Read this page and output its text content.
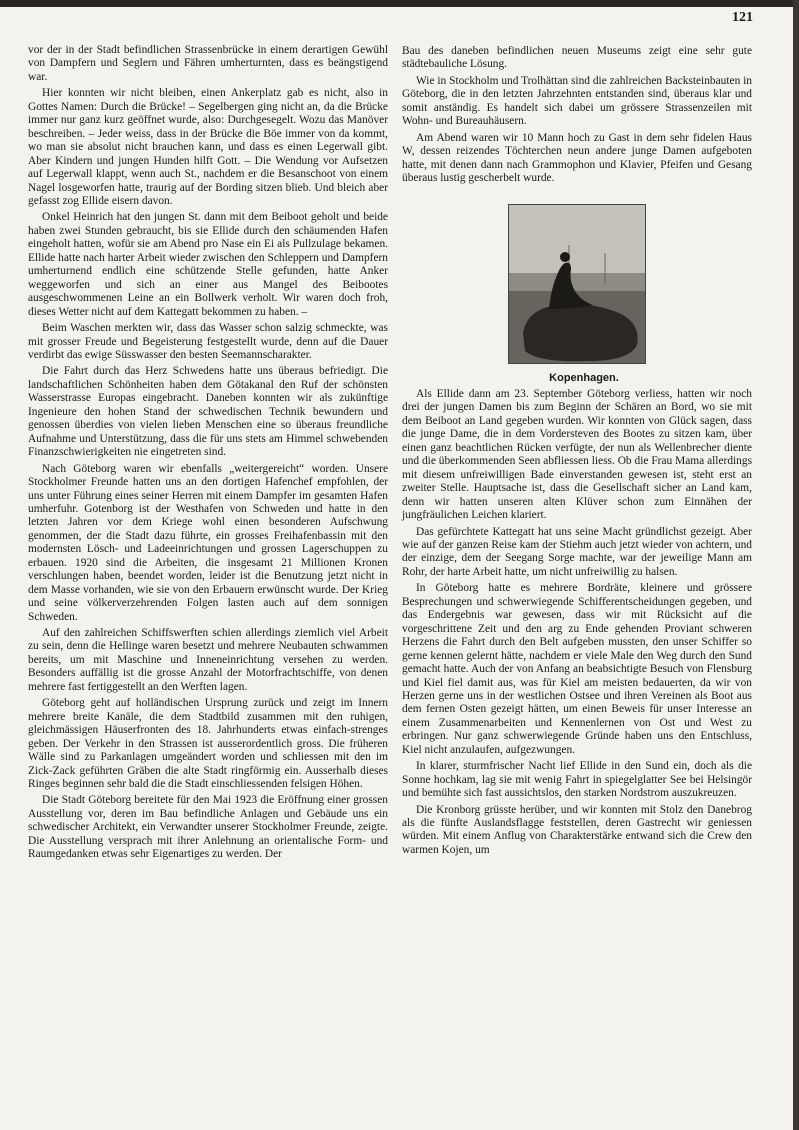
121

vor der in der Stadt befindlichen Strassenbrücke in einem derartigen Gewühl von Dampfern und Seglern und Fähren umherturnten, dass es beängstigend war.

Hier konnten wir nicht bleiben, einen Ankerplatz gab es nicht, also in Gottes Namen: Durch die Brücke! – Segelbergen ging nicht an, da die Brücke immer nur ganz kurz geöffnet wurde, also: Durchgesegelt. Wozu das Manöver beschreiben. – Jeder weiss, dass in der Brücke die Böe immer von da kommt, wo man sie absolut nicht brauchen kann, und dass es einen Legerwall gibt. Aber Kindern und jungen Hunden hilft Gott. – Die Wendung vor Aufsetzen auf Legerwall klappt, wenn auch St., nachdem er die Besanschoot von einem Nagel losgeworfen hatte, traurig auf der Bording sitzen blieb. Und bleich aber gefasst zog Ellide eisern davon.

Onkel Heinrich hat den jungen St. dann mit dem Beiboot geholt und beide haben zwei Stunden gebraucht, bis sie Ellide durch den schäumenden Hafen eingeholt hatten, wofür sie am Abend pro Nase ein Ei als Pullzulage bekamen. Ellide hatte nach harter Arbeit wieder zwischen den Schleppern und Dampfern umherturnend endlich eine schützende Stelle gefunden, hatte Anker weggeworfen und sich an einer aus Mangel des Beibootes ausgeschwommenen Leine an ein Bollwerk verholt. Wir waren doch froh, dieses Wetter nicht auf dem Kattegatt bekommen zu haben. –

Beim Waschen merkten wir, dass das Wasser schon salzig schmeckte, was mit grosser Freude und Begeisterung festgestellt wurde, denn auf die Dauer verdirbt das ewige Süsswasser den besten Seemannscharakter.

Die Fahrt durch das Herz Schwedens hatte uns überaus befriedigt. Die landschaftlichen Schönheiten haben dem Götakanal den Ruf der schönsten Wasserstrasse Europas eingebracht. Daneben konnten wir als zukünftige Ingenieure den hohen Stand der schwedischen Technik bewundern und genossen überdies von vielen lieben Menschen eine so überaus freundliche Aufnahme und Unterstützung, dass die für uns stets am Himmel schwebenden Finanzschwierigkeiten nie eingetreten sind.

Nach Göteborg waren wir ebenfalls „weitergereicht“ worden. Unsere Stockholmer Freunde hatten uns an den dortigen Hafenchef empfohlen, der uns unter Führung eines seiner Herren mit einem Dampfer im gesamten Hafen umherfuhr. Gotenborg ist der Westhafen von Schweden und hatte in den letzten Jahren vor dem Kriege wohl einen besonderen Aufschwung genommen, der die Stadt dazu führte, ein grosses Freihafenbassin mit den modernsten Lösch- und Ladeeinrichtungen und grossen Lagerschuppen zu erbauen. 1920 sind die Arbeiten, die insgesamt 21 Millionen Kronen verschlungen haben, beendet worden, leider ist die Benutzung jetzt nicht in dem Masse vorhanden, wie sie von den Erbauern erwünscht wurde. Der Krieg und seine völkerverzehrenden Folgen lasten auch auf dem sonnigen Schweden.

Auf den zahlreichen Schiffswerften schien allerdings ziemlich viel Arbeit zu sein, denn die Hellinge waren besetzt und mehrere Neubauten schwammen bereits, um mit Maschine und Inneneinrichtung versehen zu werden. Besonders auffällig ist die grosse Anzahl der Motorfrachtschiffe, von denen mehrere fast fertiggestellt an den Werften lagen.

Göteborg geht auf holländischen Ursprung zurück und zeigt im Innern mehrere breite Kanäle, die dem Stadtbild zusammen mit den ruhigen, gleichmässigen Häuserfronten des 18. Jahrhunderts etwas einfach-strenges geben. Der Verkehr in den Strassen ist ausserordentlich gross. Die früheren Wälle sind zu Parkanlagen umgeändert worden und schliessen mit den im Zick-Zack geführten Gräben die alte Stadt ringförmig ein. Ausserhalb dieses Ringes beginnen sehr bald die die Stadt einschliessenden felsigen Höhen.

Die Stadt Göteborg bereitete für den Mai 1923 die Eröffnung einer grossen Ausstellung vor, deren im Bau befindliche Anlagen und Gebäude uns ein schwedischer Architekt, ein Verwandter unserer Stockholmer Freunde, zeigte. Die Ausstellung versprach mit ihrer Anlehnung an orientalische Form- und Raumgedanken etwas sehr Eigenartiges zu werden. Der

Bau des daneben befindlichen neuen Museums zeigt eine sehr gute städtebauliche Lösung.

Wie in Stockholm und Trolhättan sind die zahlreichen Backsteinbauten in Göteborg, die in den letzten Jahrzehnten entstanden sind, überaus klar und somit anständig. Es handelt sich dabei um grössere Strassenzeilen mit Wohn- und Bureauhäusern.

Am Abend waren wir 10 Mann hoch zu Gast in dem sehr fidelen Haus W, dessen reizendes Töchterchen neun andere junge Damen aufgeboten hatte, mit denen dann nach Grammophon und Klavier, Pfeifen und Gesang überaus lustig gescherbelt wurde.

Kopenhagen.

Als Ellide dann am 23. September Göteborg verliess, hatten wir noch drei der jungen Damen bis zum Beginn der Schären an Bord, wo sie mit dem Beiboot an Land gegeben wurden. Wir konnten von Glück sagen, dass die junge Dame, die in dem Vordersteven des Bootes zu sitzen kam, über einen ganz beachtlichen Rücken verfügte, der nun als Wellenbrecher diente und die überkommenden Seen abfliessen liess. Ob die Frau Mama allerdings mit diesem unfreiwilligen Bade einverstanden gewesen ist, steht erst an zweiter Stelle. Hauptsache ist, dass die Gesellschaft sicher an Land kam, denn wir hatten unseren alten Klüver schon zum Einnähen der jungfräulichen Leichen klariert.

Das gefürchtete Kattegatt hat uns seine Macht gründlichst gezeigt. Aber wie auf der ganzen Reise kam der Stiehm auch jetzt wieder von achtern, und der einzige, dem der Seegang Sorge machte, war der jeweilige Mann am Rohr, der harte Arbeit hatte, um nicht unfreiwillig zu halsen.

In Göteborg hatte es mehrere Bordräte, kleinere und grössere Besprechungen und schwerwiegende Schifferentscheidungen gegeben, und das Endergebnis war gewesen, dass wir mit Rücksicht auf die vorgeschrittene Zeit und den arg zu Ende gehenden Proviant schweren Herzens die Fahrt durch den Belt aufgeben mussten, den unser Schiffer so gerne kennen gelernt hätte, nachdem er viele Male den Weg durch den Sund gemacht hatte. Auch der von Anfang an beabsichtigte Besuch von Flensburg und Kiel fiel damit aus, was für Kiel am meisten bedauerten, da wir von Herzen gerne uns in der westlichen Ostsee und ihren Vereinen als Boot aus dem fernen Osten gezeigt hätten, um einen Beweis für unser Interesse an einem Zusammenarbeiten und Kennenlernen von Ost und West zu erbringen. Nur ganz schwerwiegende Gründe haben uns den Entschluss, Kiel nicht anzulaufen, aufgezwungen.

In klarer, sturmfrischer Nacht lief Ellide in den Sund ein, doch als die Sonne hochkam, lag sie mit wenig Fahrt in spiegelglatter See bei Helsingör und bemühte sich fast aussichtslos, den starken Nordstrom auszukreuzen.

Die Kronborg grüsste herüber, und wir konnten mit Stolz den Danebrog als die fünfte Auslandsflagge feststellen, deren Gastrecht wir geniessen würden. Mit einem Anflug von Charakterstärke entwand sich die Crew den warmen Kojen, um
